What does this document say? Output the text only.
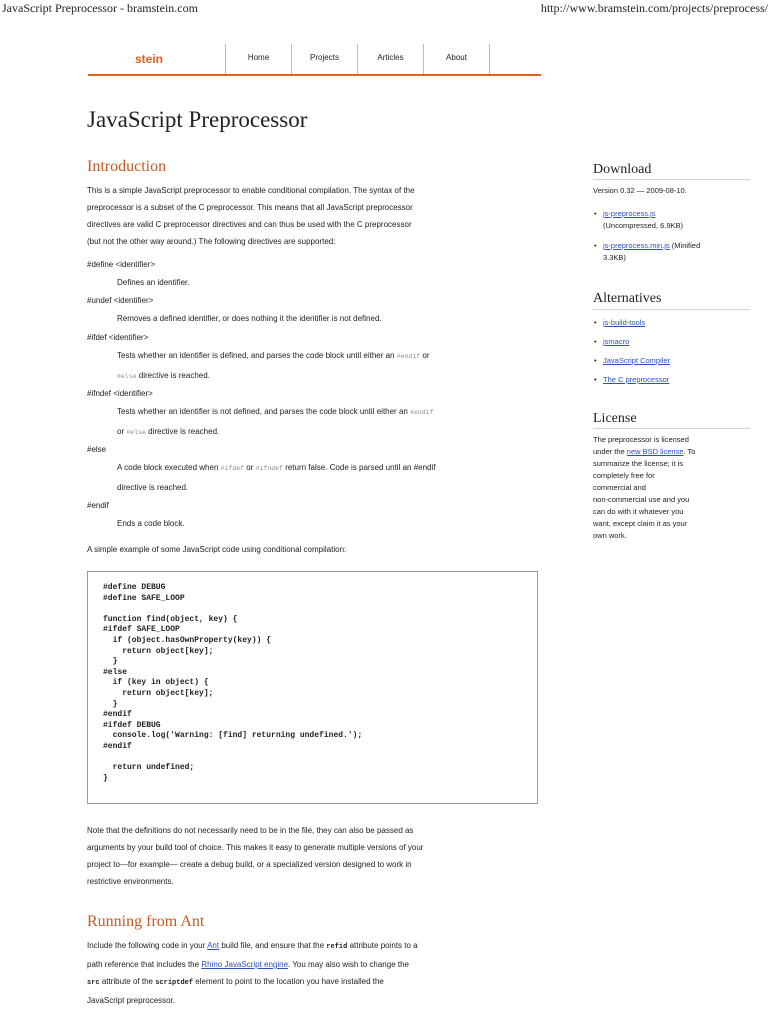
JavaScript Preprocessor - bramstein.com	http://www.bramstein.com/projects/preprocess/
stein	Home	Projects	Articles	About
JavaScript Preprocessor
Introduction

This is a simple JavaScript preprocessor to enable conditional compilation. The syntax of the
preprocessor is a subset of the C preprocessor. This means that all JavaScript preprocessor
directives are valid C preprocessor directives and can thus be used with the C preprocessor
(but not the other way around.) The following directives are supported:

#define <identifier>

Defines an identifier.

#undef <identifier>

Removes a defined identifier, or does nothing it the identifier is not defined.

#ifdef <identifier>

Tests whether an identifier is defined, and parses the code block until either an #endif or
#else directive is reached.

#ifndef <identifier>

Tests whether an identifier is not defined, and parses the code block until either an #endif
or #else directive is reached.

#else

A code block executed when #ifdef or #ifndef return false. Code is parsed until an #endif
directive is reached.

#endif

Ends a code block.

A simple example of some JavaScript code using conditional compilation:

#define DEBUG
#define SAFE_LOOP

function find(object, key) {
#ifdef SAFE_LOOP
if (object.hasOwnProperty(key)) {
return object[key];
}
#else
if (key in object) {
return object[key];
}
#endif
#ifdef DEBUG
console.log('Warning: [find] returning undefined.');
#endif

return undefined;
}

Note that the definitions do not necessarily need to be in the file, they can also be passed as
arguments by your build tool of choice. This makes it easy to generate multiple versions of your
project to—for example— create a debug build, or a specialized version designed to work in
restrictive environments.

Running from Ant

Include the following code in your Ant build file, and ensure that the refid attribute points to a
path reference that includes the Rhino JavaScript engine. You may also wish to change the
src attribute of the scriptdef element to point to the location you have installed the
JavaScript preprocessor.

Download

Version 0.32 — 2009-08-10.

• js-preprocess.js
(Uncompressed, 6.9KB)
• js-preprocess.min.js (Minified
3.3KB)
Alternatives
• js-build-tools
• jsmacro
• JavaScript Compiler
• The C preprocessor
License

The preprocessor is licensed
under the new BSD license. To
summarize the license; it is
completely free for
commercial and
non-commercial use and you
can do with it whatever you
want, except claim it as your
own work.
